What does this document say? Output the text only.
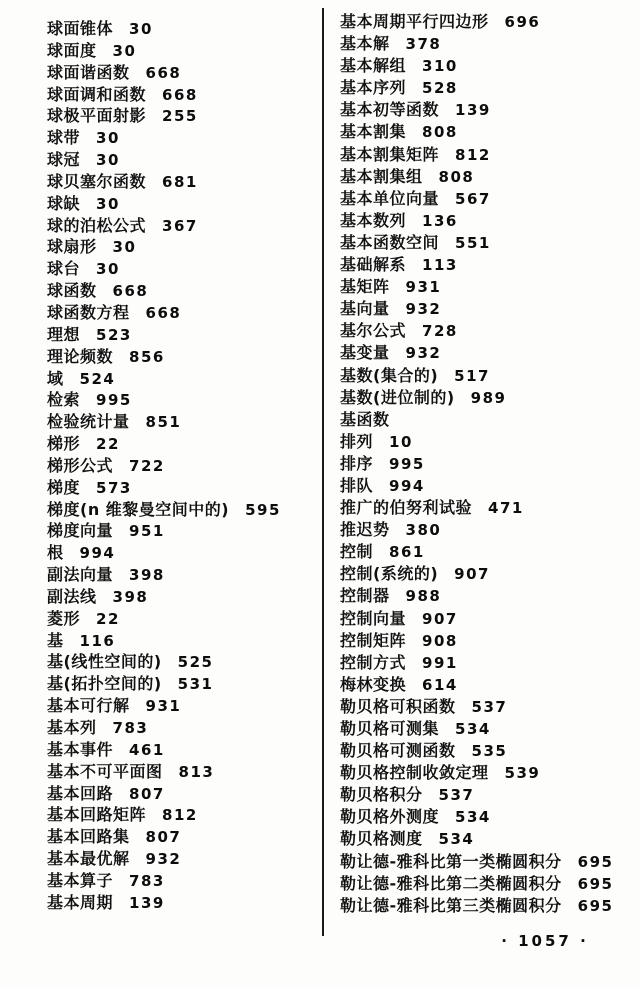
球面锥体 30
球面度 30
球面谐函数 668
球面调和函数 668
球极平面射影 255
球带 30
球冠 30
球贝塞尔函数 681
球缺 30
球的泊松公式 367
球扇形 30
球台 30
球函数 668
球函数方程 668
理想 523
理论频数 856
域 524
检索 995
检验统计量 851
梯形 22
梯形公式 722
梯度 573
梯度(n 维黎曼空间中的) 595
梯度向量 951
根 994
副法向量 398
副法线 398
菱形 22
基 116
基(线性空间的) 525
基(拓扑空间的) 531
基本可行解 931
基本列 783
基本事件 461
基本不可平面图 813
基本回路 807
基本回路矩阵 812
基本回路集 807
基本最优解 932
基本算子 783
基本周期 139
基本周期平行四边形 696
基本解 378
基本解组 310
基本序列 528
基本初等函数 139
基本割集 808
基本割集矩阵 812
基本割集组 808
基本单位向量 567
基本数列 136
基本函数空间 551
基础解系 113
基矩阵 931
基向量 932
基尔公式 728
基变量 932
基数(集合的) 517
基数(进位制的) 989
基函数
排列 10
排序 995
排队 994
推广的伯努利试验 471
推迟势 380
控制 861
控制(系统的) 907
控制器 988
控制向量 907
控制矩阵 908
控制方式 991
梅林变换 614
勒贝格可积函数 537
勒贝格可测集 534
勒贝格可测函数 535
勒贝格控制收敛定理 539
勒贝格积分 537
勒贝格外测度 534
勒贝格测度 534
勒让德-雅科比第一类椭圆积分 695
勒让德-雅科比第二类椭圆积分 695
勒让德-雅科比第三类椭圆积分 695
· 1057 ·
